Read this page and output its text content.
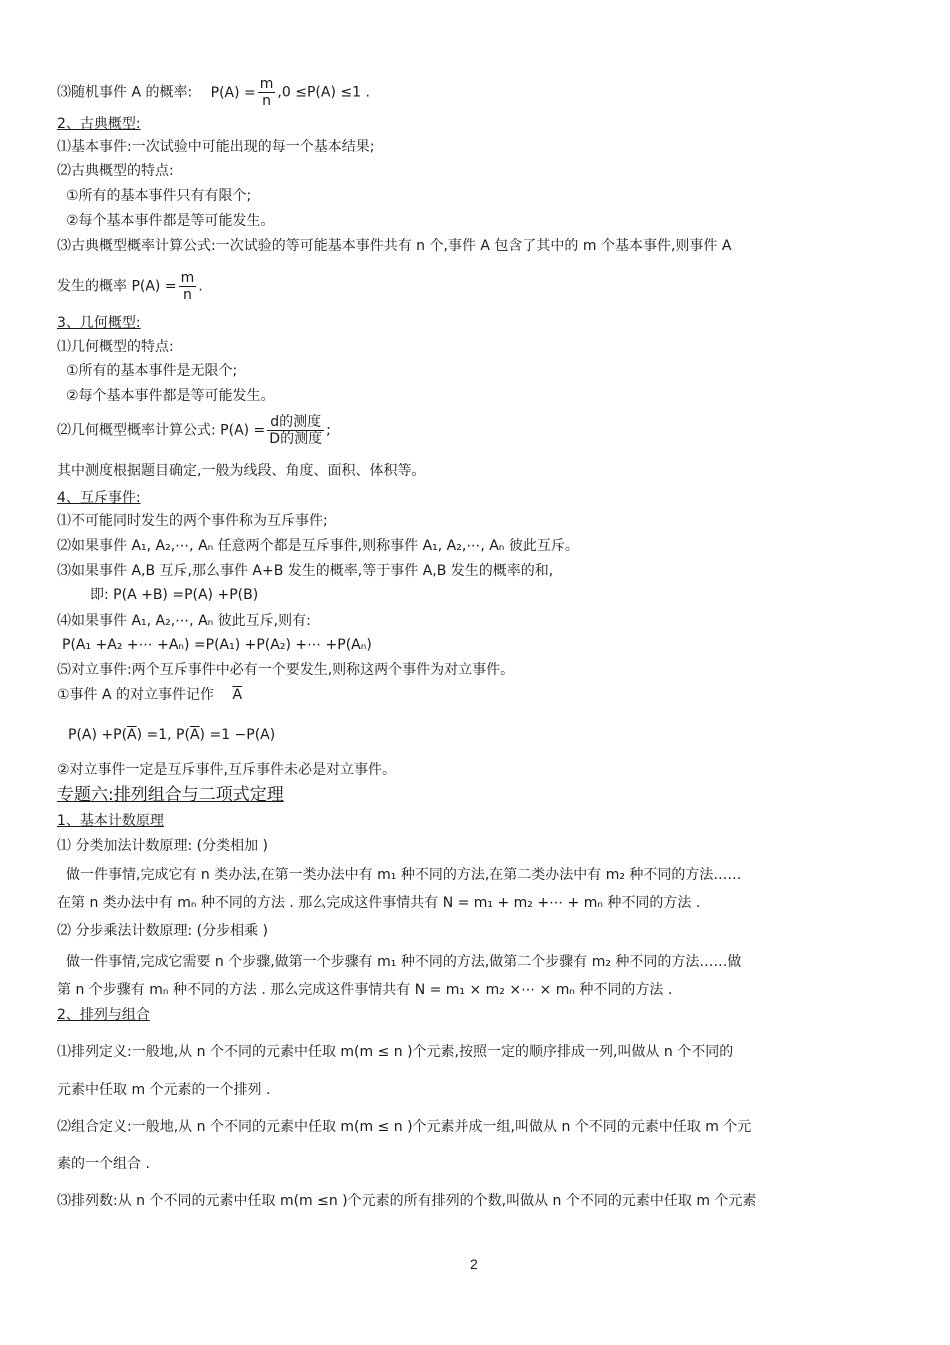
⑶随机事件 A 的概率: $P(A) = \frac{m}{n} ,0 \le P(A) \le 1$ .
2、古典概型:
⑴基本事件:一次试验中可能出现的每一个基本结果;
⑵古典概型的特点:
①所有的基本事件只有有限个;
②每个基本事件都是等可能发生。
⑶古典概型概率计算公式:一次试验的等可能基本事件共有 n 个,事件 A 包含了其中的 m 个基本事件,则事件 A
发生的概率 $P(A) = \frac{m}{n}$ .
3、几何概型:
⑴几何概型的特点:
①所有的基本事件是无限个;
②每个基本事件都是等可能发生。
⑵几何概型概率计算公式: $P(A) = \frac{\text{d的测度}}{\text{D的测度}}$ ;
其中测度根据题目确定,一般为线段、角度、面积、体积等。
4、互斥事件:
⑴不可能同时发生的两个事件称为互斥事件;
⑵如果事件 A₁, A₂,⋯, Aₙ 任意两个都是互斥事件,则称事件 A₁, A₂,⋯, Aₙ 彼此互斥。
⑶如果事件 A,B 互斥,那么事件 A+B 发生的概率,等于事件 A,B 发生的概率的和,
即: P(A +B) =P(A) +P(B)
⑷如果事件 A₁, A₂,⋯, Aₙ 彼此互斥,则有:
P(A₁ +A₂ +⋯ +Aₙ) =P(A₁) +P(A₂) +⋯ +P(Aₙ)
⑸对立事件:两个互斥事件中必有一个要发生,则称这两个事件为对立事件。
①事件 A 的对立事件记作 $\overline{A}$
$P(A) +P(\overline{A}) =1$, $P(\overline{A}) =1 -P(A)$
②对立事件一定是互斥事件,互斥事件未必是对立事件。
专题六:排列组合与二项式定理
1、基本计数原理
⑴ 分类加法计数原理: (分类相加 )
做一件事情,完成它有 n 类办法,在第一类办法中有 m₁ 种不同的方法,在第二类办法中有 m₂ 种不同的方法……
在第 n 类办法中有 mₙ 种不同的方法 . 那么完成这件事情共有 N = m₁ + m₂ +⋯ + mₙ 种不同的方法 .
⑵ 分步乘法计数原理: (分步相乘 )
做一件事情,完成它需要 n 个步骤,做第一个步骤有 m₁ 种不同的方法,做第二个步骤有 m₂ 种不同的方法……做
第 n 个步骤有 mₙ 种不同的方法 . 那么完成这件事情共有 N = m₁ × m₂ ×⋯ × mₙ 种不同的方法 .
2、排列与组合
⑴排列定义:一般地,从 n 个不同的元素中任取 m(m ≤ n )个元素,按照一定的顺序排成一列,叫做从 n 个不同的
元素中任取 m 个元素的一个排列 .
⑵组合定义:一般地,从 n 个不同的元素中任取 m(m ≤ n )个元素并成一组,叫做从 n 个不同的元素中任取 m 个元
素的一个组合 .
⑶排列数:从 n 个不同的元素中任取 m(m ≤n )个元素的所有排列的个数,叫做从 n 个不同的元素中任取 m 个元素
2
